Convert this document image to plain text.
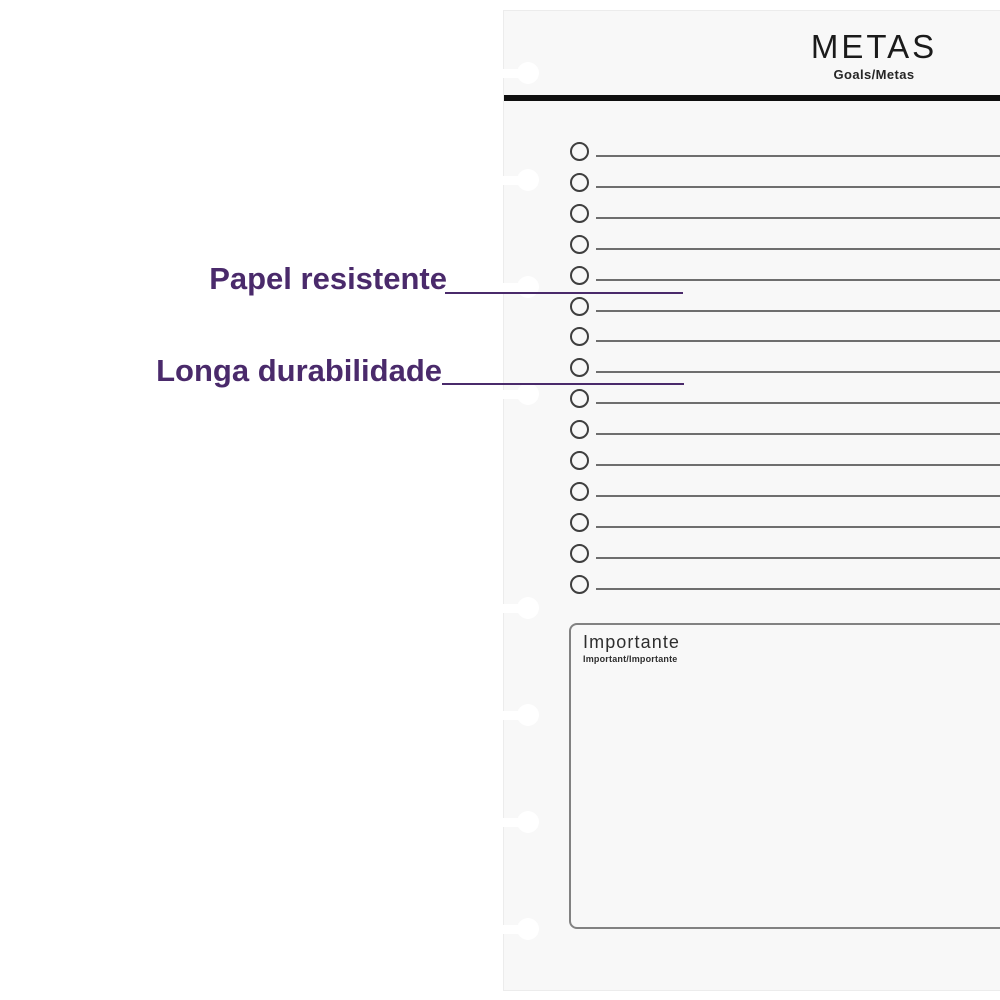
METAS
Goals/Metas
Importante
Important/Importante
Papel resistente
Longa durabilidade
